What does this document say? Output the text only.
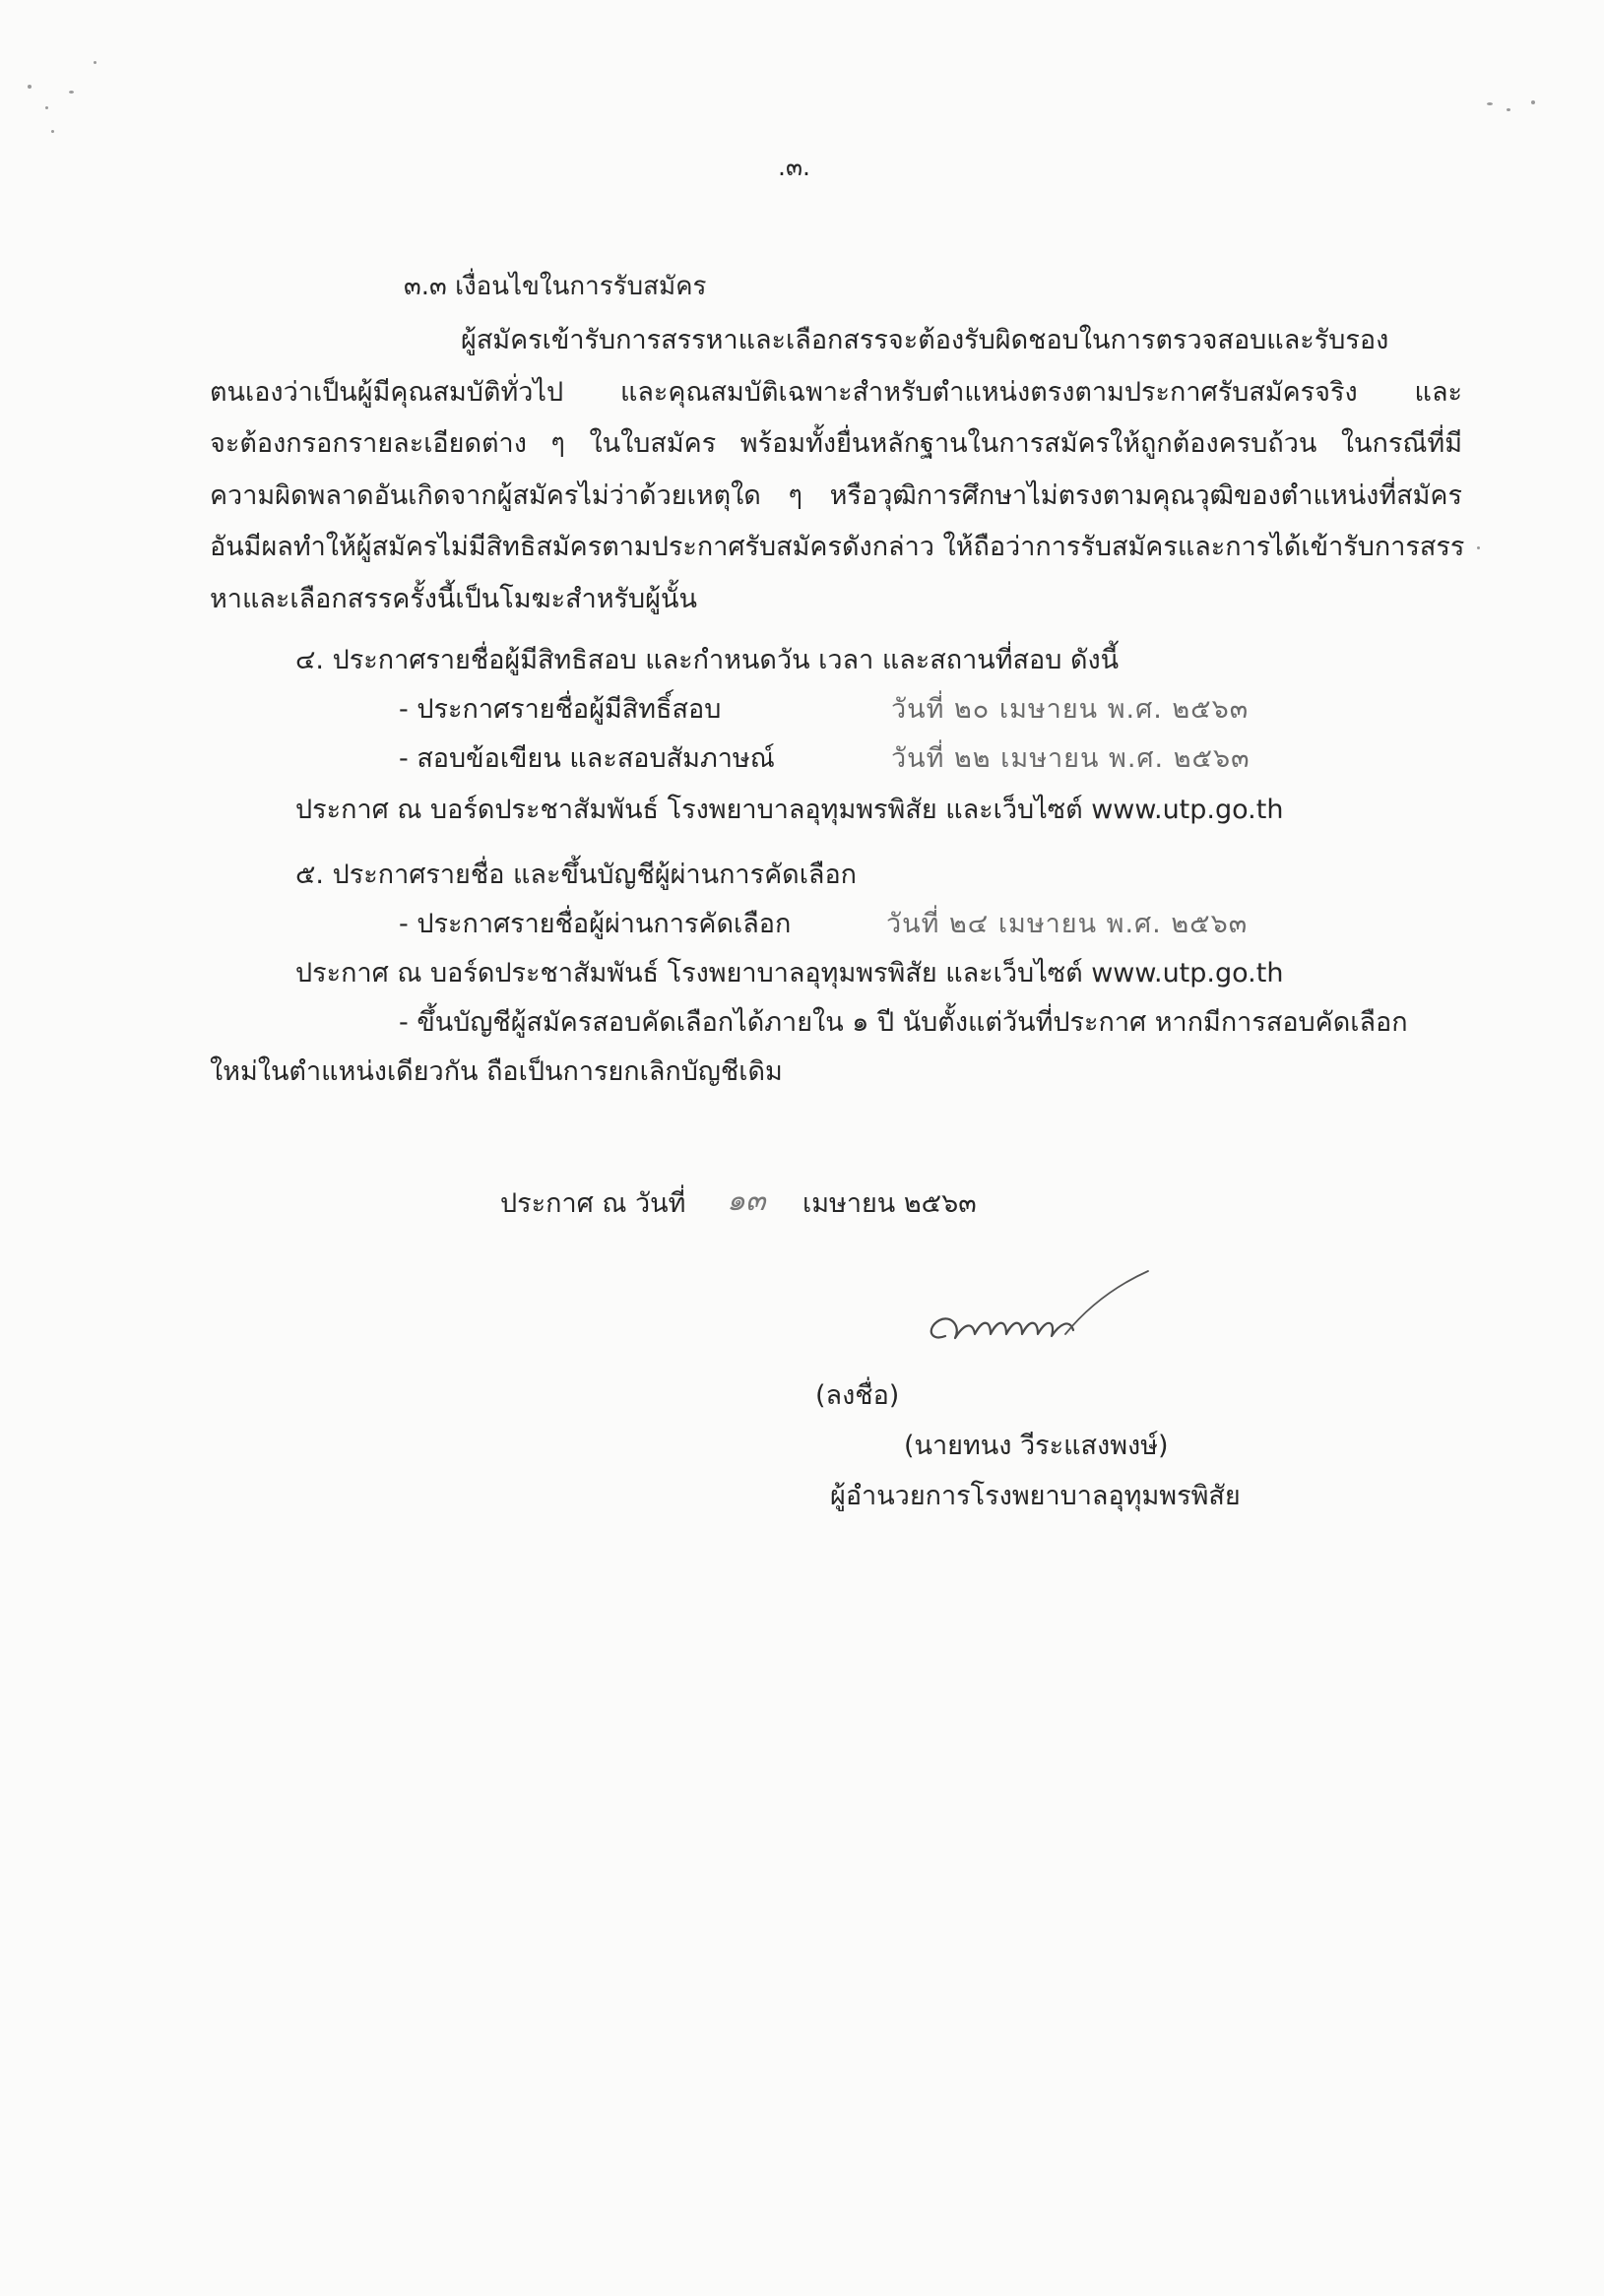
.๓.
๓.๓ เงื่อนไขในการรับสมัคร
ผู้สมัครเข้ารับการสรรหาและเลือกสรรจะต้องรับผิดชอบในการตรวจสอบและรับรอง
ตนเองว่าเป็นผู้มีคุณสมบัติทั่วไป และคุณสมบัติเฉพาะสำหรับตำแหน่งตรงตามประกาศรับสมัครจริง และ
จะต้องกรอกรายละเอียดต่าง ๆ ในใบสมัคร พร้อมทั้งยื่นหลักฐานในการสมัครให้ถูกต้องครบถ้วน ในกรณีที่มี
ความผิดพลาดอันเกิดจากผู้สมัครไม่ว่าด้วยเหตุใด ๆ หรือวุฒิการศึกษาไม่ตรงตามคุณวุฒิของตำแหน่งที่สมัคร
อันมีผลทำให้ผู้สมัครไม่มีสิทธิสมัครตามประกาศรับสมัครดังกล่าว ให้ถือว่าการรับสมัครและการได้เข้ารับการสรร
หาและเลือกสรรครั้งนี้เป็นโมฆะสำหรับผู้นั้น
๔. ประกาศรายชื่อผู้มีสิทธิสอบ และกำหนดวัน เวลา และสถานที่สอบ ดังนี้
- ประกาศรายชื่อผู้มีสิทธิ์สอบ	วันที่ ๒๐ เมษายน พ.ศ. ๒๕๖๓
- สอบข้อเขียน และสอบสัมภาษณ์	วันที่ ๒๒ เมษายน พ.ศ. ๒๕๖๓
ประกาศ ณ บอร์ดประชาสัมพันธ์ โรงพยาบาลอุทุมพรพิสัย และเว็บไซต์ www.utp.go.th
๕. ประกาศรายชื่อ และขึ้นบัญชีผู้ผ่านการคัดเลือก
- ประกาศรายชื่อผู้ผ่านการคัดเลือก	วันที่ ๒๔ เมษายน พ.ศ. ๒๕๖๓
ประกาศ ณ บอร์ดประชาสัมพันธ์ โรงพยาบาลอุทุมพรพิสัย และเว็บไซต์ www.utp.go.th
- ขึ้นบัญชีผู้สมัครสอบคัดเลือกได้ภายใน ๑ ปี นับตั้งแต่วันที่ประกาศ หากมีการสอบคัดเลือก
ใหม่ในตำแหน่งเดียวกัน ถือเป็นการยกเลิกบัญชีเดิม
ประกาศ ณ วันที่ ๑๓ เมษายน ๒๕๖๓
(ลงชื่อ)
(นายทนง วีระแสงพงษ์)
ผู้อำนวยการโรงพยาบาลอุทุมพรพิสัย
